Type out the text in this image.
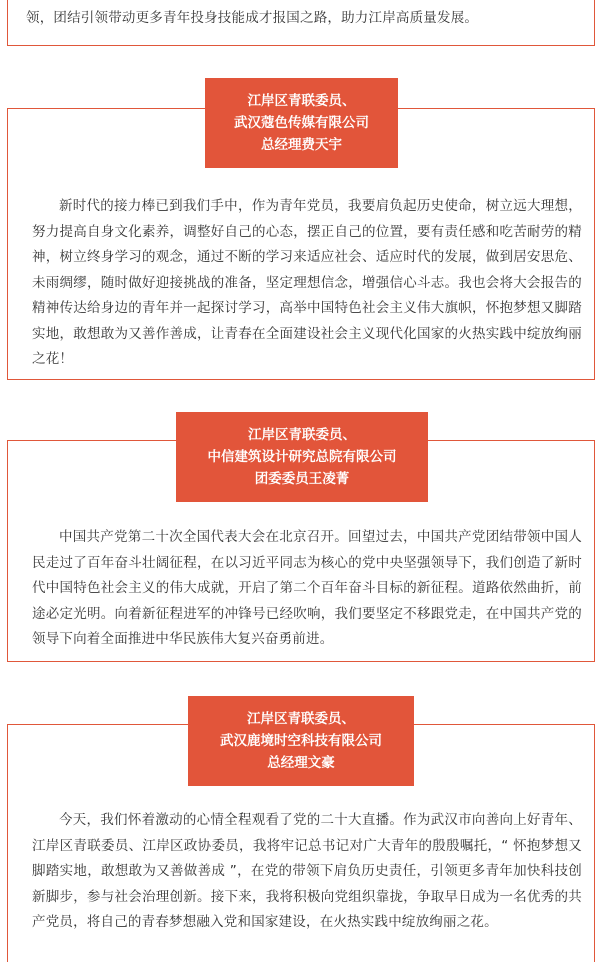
领，团结引领带动更多青年投身技能成才报国之路，助力江岸高质量发展。

新时代的接力棒已到我们手中，作为青年党员，我要肩负起历史使命，树立远大理想，努力提高自身文化素养，调整好自己的心态，摆正自己的位置，要有责任感和吃苦耐劳的精神，树立终身学习的观念，通过不断的学习来适应社会、适应时代的发展，做到居安思危、未雨绸缪，随时做好迎接挑战的准备，坚定理想信念，增强信心斗志。我也会将大会报告的精神传达给身边的青年并一起探讨学习，高举中国特色社会主义伟大旗帜，怀抱梦想又脚踏实地，敢想敢为又善作善成，让青春在全面建设社会主义现代化国家的火热实践中绽放绚丽之花！

江岸区青联委员、
武汉蔻色传媒有限公司
总经理费天宇

中国共产党第二十次全国代表大会在北京召开。回望过去，中国共产党团结带领中国人民走过了百年奋斗壮阔征程，在以习近平同志为核心的党中央坚强领导下，我们创造了新时代中国特色社会主义的伟大成就，开启了第二个百年奋斗目标的新征程。道路依然曲折，前途必定光明。向着新征程进军的冲锋号已经吹响，我们要坚定不移跟党走，在中国共产党的领导下向着全面推进中华民族伟大复兴奋勇前进。

江岸区青联委员、
中信建筑设计研究总院有限公司
团委委员王凌菁

今天，我们怀着激动的心情全程观看了党的二十大直播。作为武汉市向善向上好青年、江岸区青联委员、江岸区政协委员，我将牢记总书记对广大青年的殷殷嘱托，“ 怀抱梦想又脚踏实地，敢想敢为又善做善成 ”，在党的带领下肩负历史责任，引领更多青年加快科技创新脚步，参与社会治理创新。接下来，我将积极向党组织靠拢，争取早日成为一名优秀的共产党员，将自己的青春梦想融入党和国家建设，在火热实践中绽放绚丽之花。

江岸区青联委员、
武汉鹿境时空科技有限公司
总经理文豪
